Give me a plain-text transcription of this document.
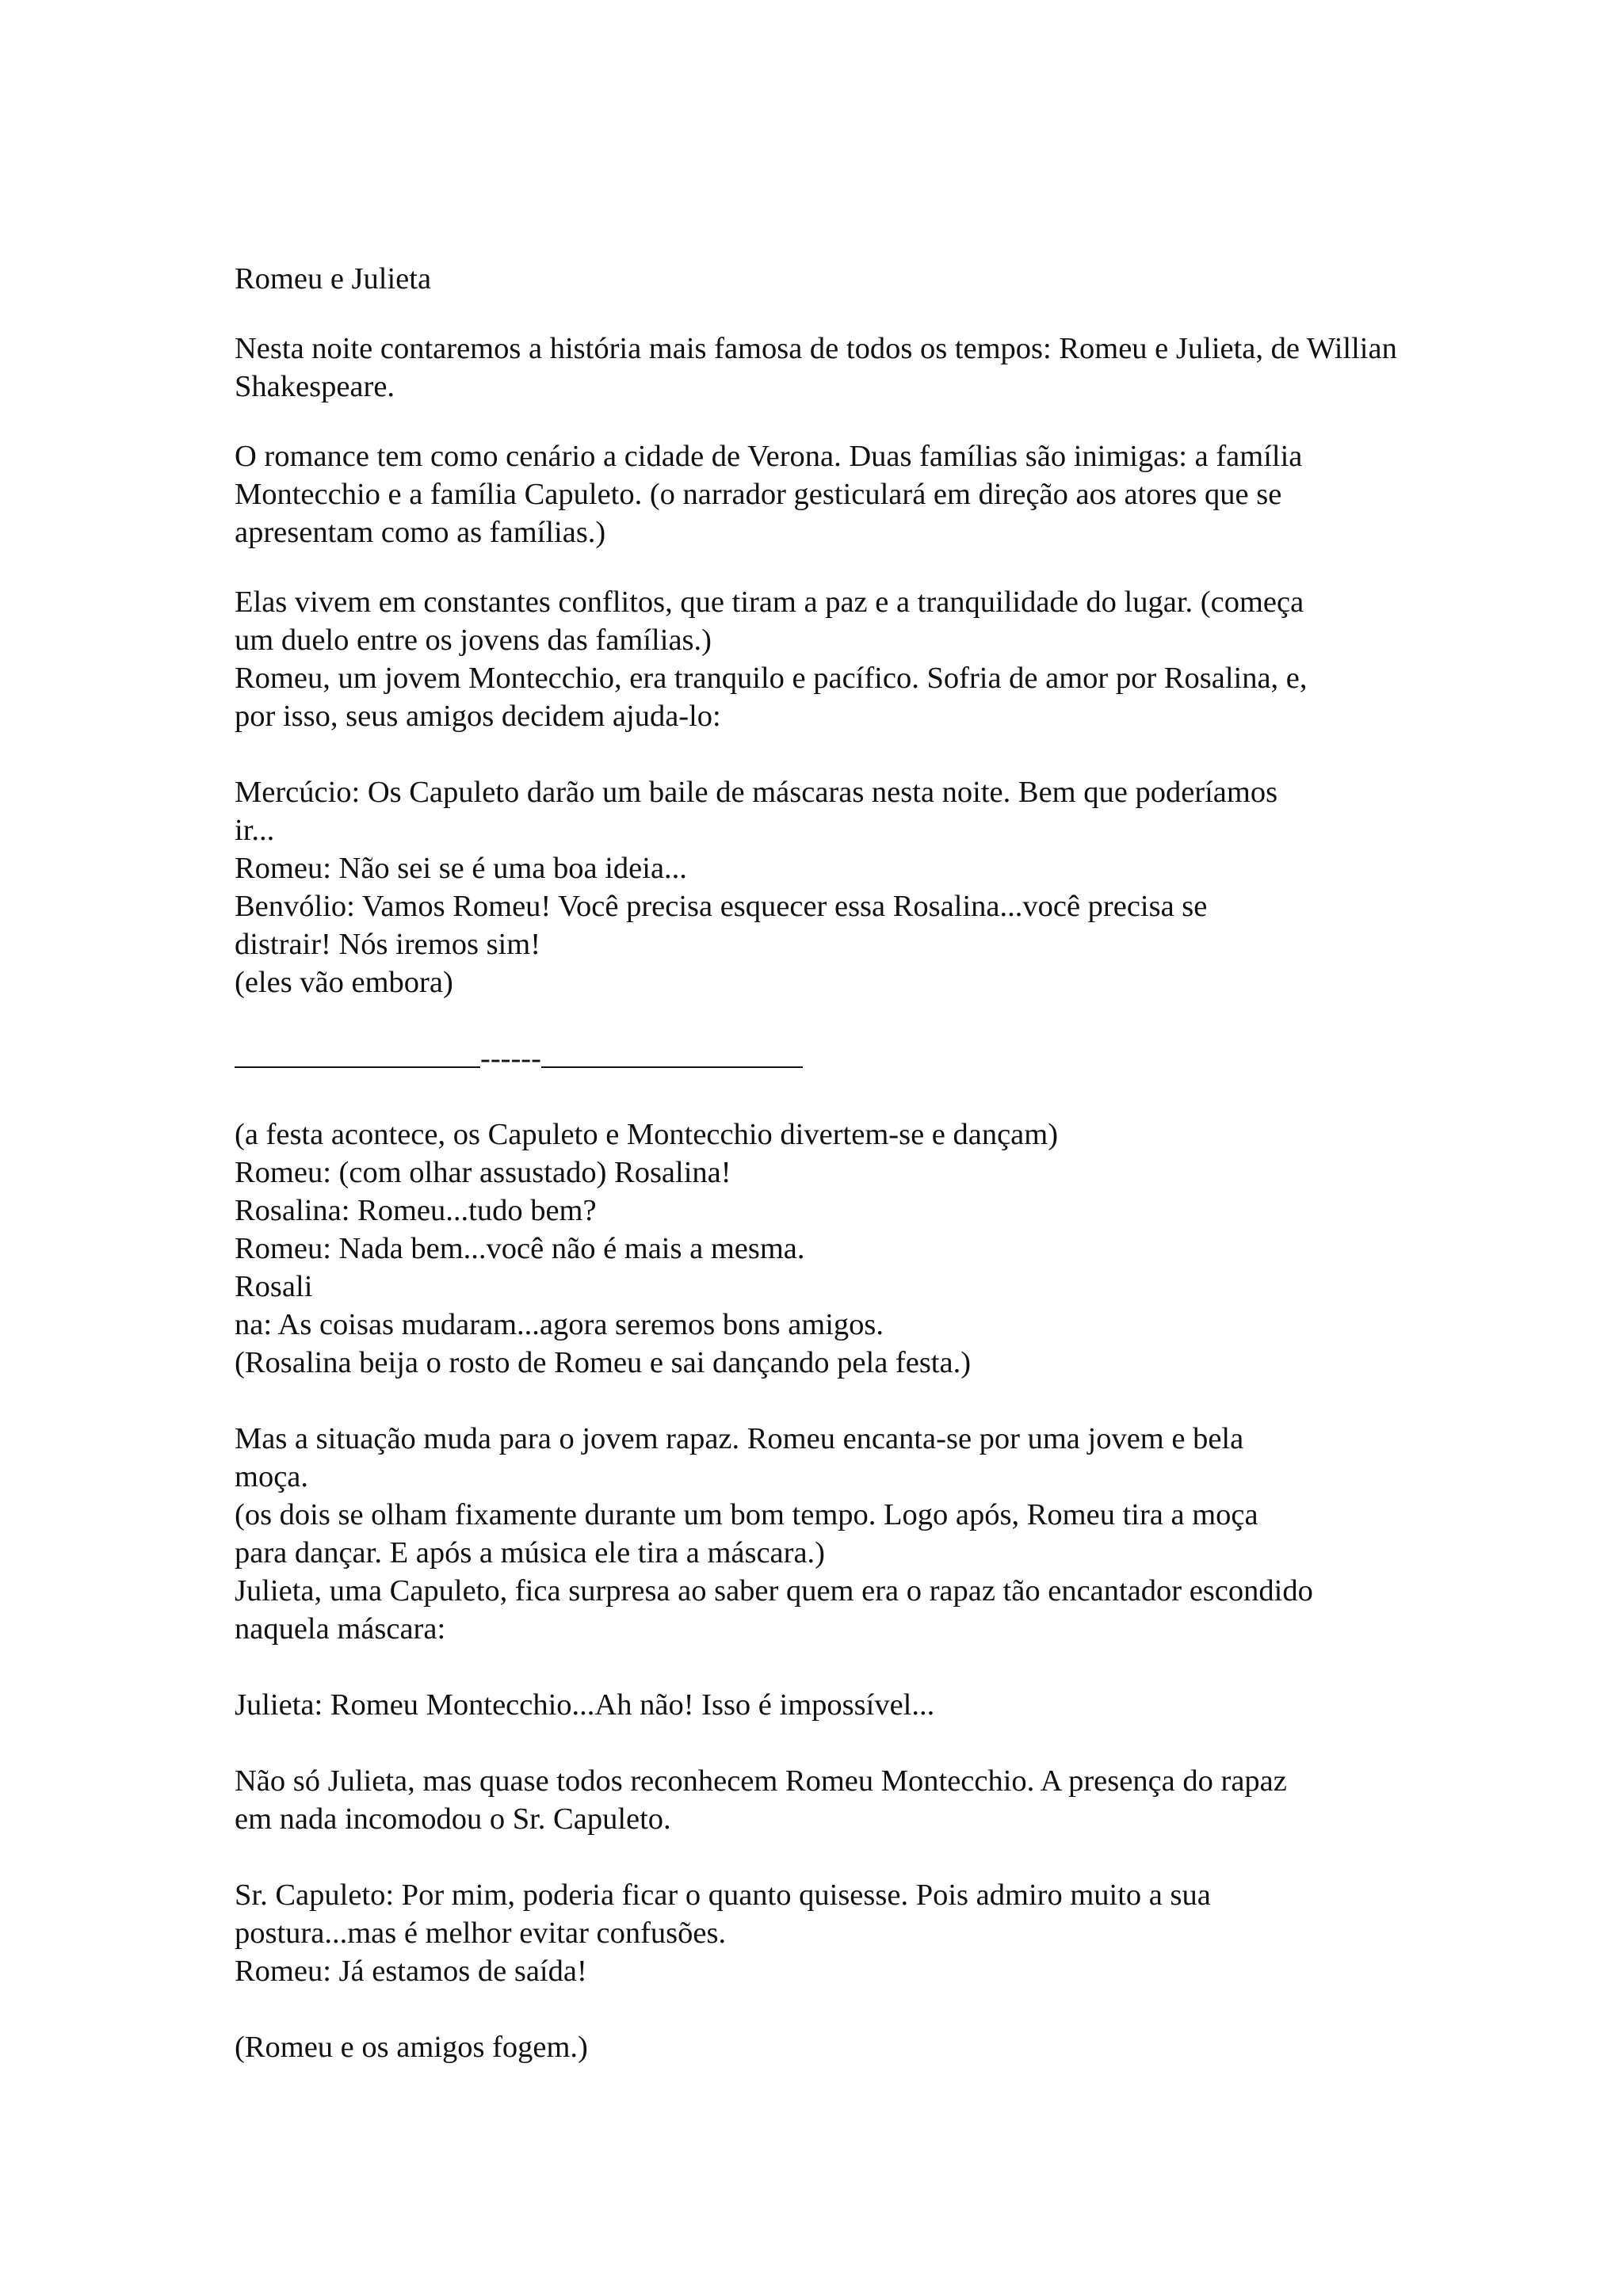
Romeu e Julieta

Nesta noite contaremos a história mais famosa de todos os tempos: Romeu e Julieta, de Willian Shakespeare.

O romance tem como cenário a cidade de Verona. Duas famílias são inimigas: a família Montecchio e a família Capuleto. (o narrador gesticulará em direção aos atores que se apresentam como as famílias.)

Elas vivem em constantes conflitos, que tiram a paz e a tranquilidade do lugar. (começa
um duelo entre os jovens das famílias.)
Romeu, um jovem Montecchio, era tranquilo e pacífico. Sofria de amor por Rosalina, e,
por isso, seus amigos decidem ajuda-lo:
Mercúcio: Os Capuleto darão um baile de máscaras nesta noite. Bem que poderíamos
ir...
Romeu: Não sei se é uma boa ideia...
Benvólio: Vamos Romeu! Você precisa esquecer essa Rosalina...você precisa se
distrair! Nós iremos sim!
(eles vão embora)
------
(a festa acontece, os Capuleto e Montecchio divertem-se e dançam)
Romeu: (com olhar assustado) Rosalina!
Rosalina: Romeu...tudo bem?
Romeu: Nada bem...você não é mais a mesma.
Rosali
na: As coisas mudaram...agora seremos bons amigos.
(Rosalina beija o rosto de Romeu e sai dançando pela festa.)
Mas a situação muda para o jovem rapaz. Romeu encanta-se por uma jovem e bela
moça.
(os dois se olham fixamente durante um bom tempo. Logo após, Romeu tira a moça
para dançar. E após a música ele tira a máscara.)
Julieta, uma Capuleto, fica surpresa ao saber quem era o rapaz tão encantador escondido
naquela máscara:
Julieta: Romeu Montecchio...Ah não! Isso é impossível...
Não só Julieta, mas quase todos reconhecem Romeu Montecchio. A presença do rapaz
em nada incomodou o Sr. Capuleto.
Sr. Capuleto: Por mim, poderia ficar o quanto quisesse. Pois admiro muito a sua
postura...mas é melhor evitar confusões.
Romeu: Já estamos de saída!
(Romeu e os amigos fogem.)
